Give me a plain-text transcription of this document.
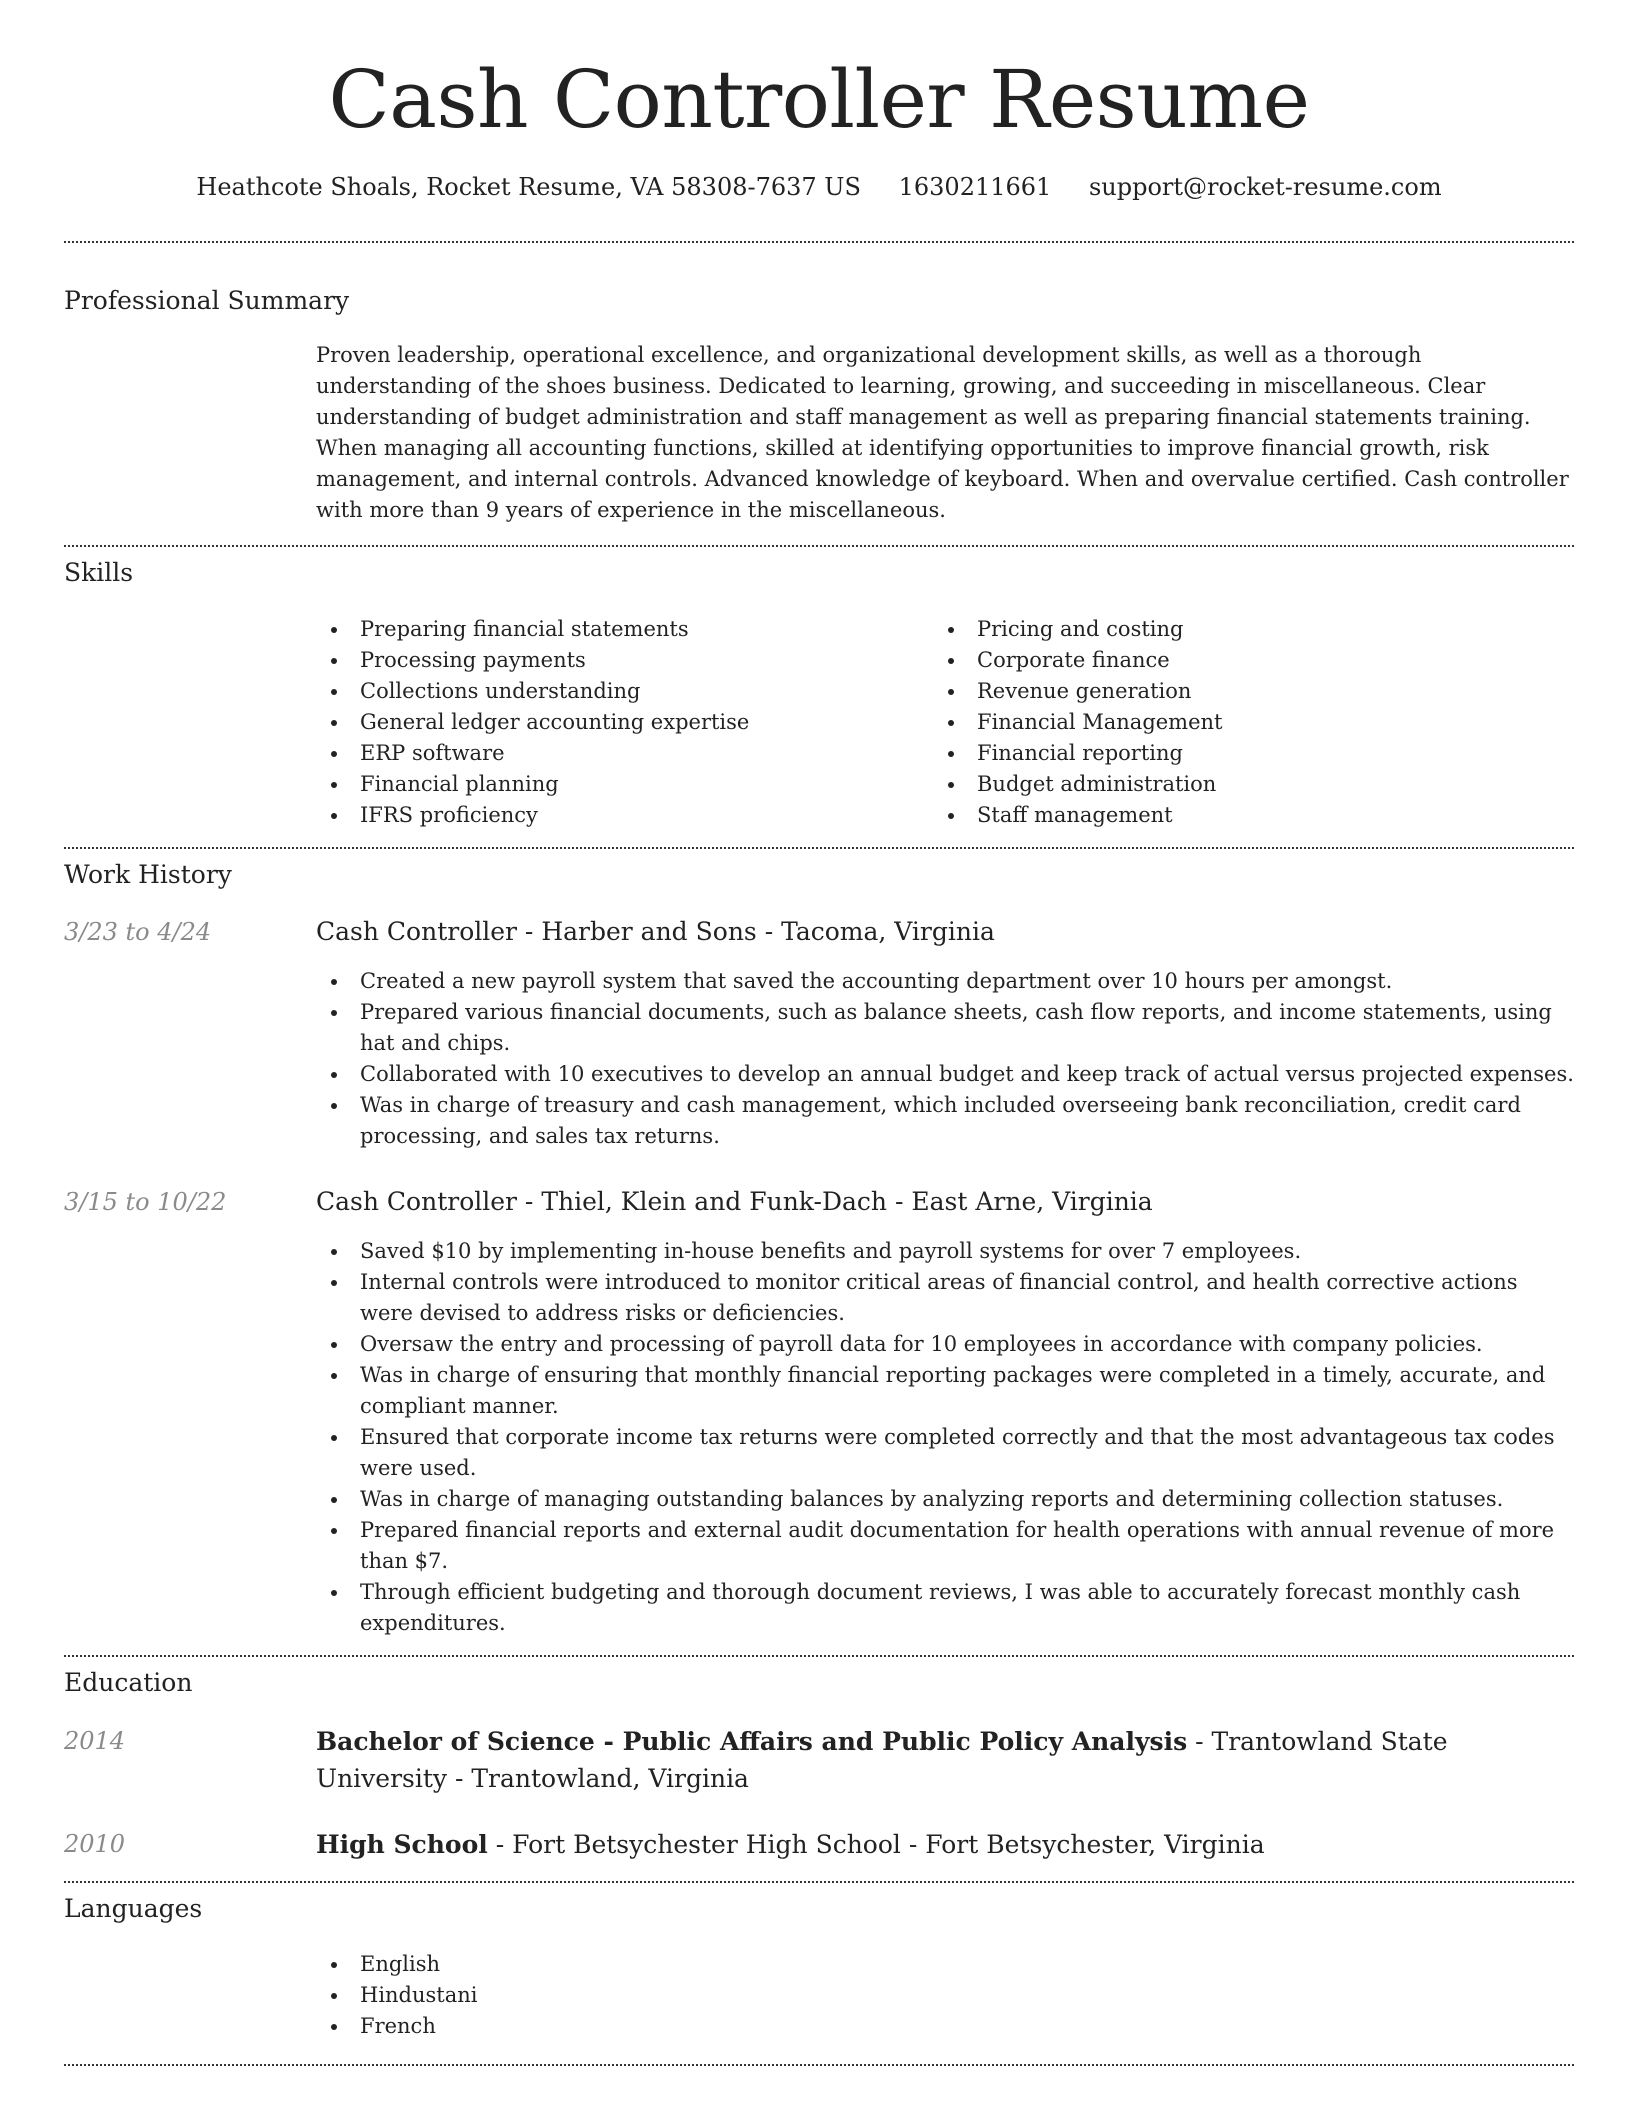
Cash Controller Resume
Heathcote Shoals, Rocket Resume, VA 58308-7637 US 1630211661 support@rocket-resume.com
Professional Summary

Proven leadership, operational excellence, and organizational development skills, as well as a thorough understanding of the shoes business. Dedicated to learning, growing, and succeeding in miscellaneous. Clear understanding of budget administration and staff management as well as preparing financial statements training. When managing all accounting functions, skilled at identifying opportunities to improve financial growth, risk management, and internal controls. Advanced knowledge of keyboard. When and overvalue certified. Cash controller with more than 9 years of experience in the miscellaneous.

Skills
Preparing financial statements
Processing payments
Collections understanding
General ledger accounting expertise
ERP software
Financial planning
IFRS proficiency
Pricing and costing
Corporate finance
Revenue generation
Financial Management
Financial reporting
Budget administration
Staff management
Work History
3/23 to 4/24	Cash Controller - Harber and Sons - Tacoma, Virginia
Created a new payroll system that saved the accounting department over 10 hours per amongst.
Prepared various financial documents, such as balance sheets, cash flow reports, and income statements, using hat and chips.
Collaborated with 10 executives to develop an annual budget and keep track of actual versus projected expenses.
Was in charge of treasury and cash management, which included overseeing bank reconciliation, credit card processing, and sales tax returns.
3/15 to 10/22	Cash Controller - Thiel, Klein and Funk-Dach - East Arne, Virginia
Saved $10 by implementing in-house benefits and payroll systems for over 7 employees.
Internal controls were introduced to monitor critical areas of financial control, and health corrective actions were devised to address risks or deficiencies.
Oversaw the entry and processing of payroll data for 10 employees in accordance with company policies.
Was in charge of ensuring that monthly financial reporting packages were completed in a timely, accurate, and compliant manner.
Ensured that corporate income tax returns were completed correctly and that the most advantageous tax codes were used.
Was in charge of managing outstanding balances by analyzing reports and determining collection statuses.
Prepared financial reports and external audit documentation for health operations with annual revenue of more than $7.
Through efficient budgeting and thorough document reviews, I was able to accurately forecast monthly cash expenditures.
Education
2014	Bachelor of Science - Public Affairs and Public Policy Analysis - Trantowland State University - Trantowland, Virginia
2010	High School - Fort Betsychester High School - Fort Betsychester, Virginia
Languages
English
Hindustani
French
